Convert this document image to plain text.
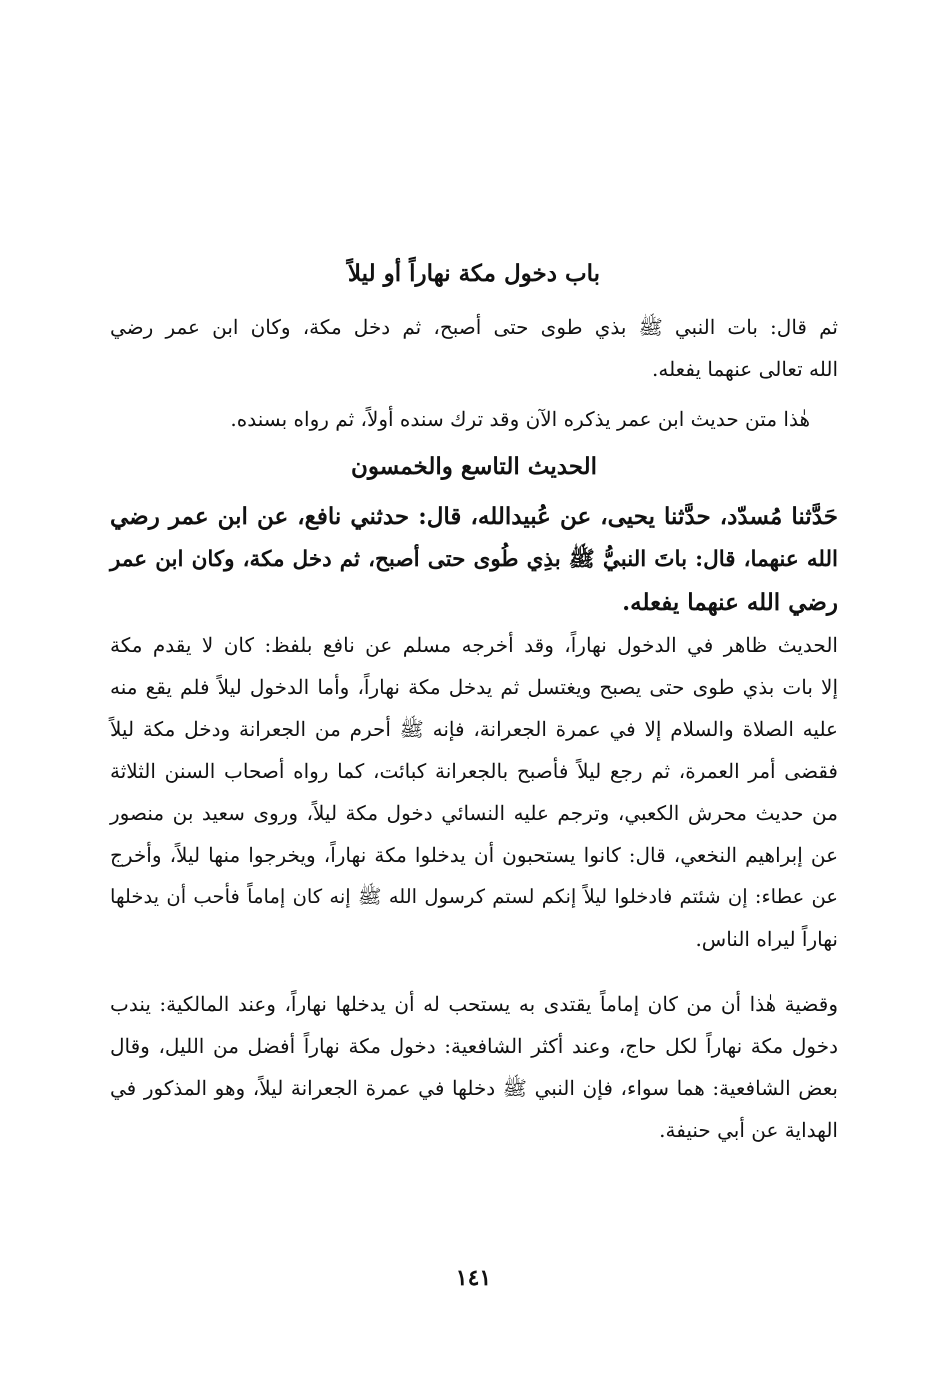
باب دخول مكة نهاراً أو ليلاً

ثم قال: بات النبي ﷺ بذي طوى حتى أصبح، ثم دخل مكة، وكان ابن عمر رضي
الله تعالى عنهما يفعله.

هٰذا متن حديث ابن عمر يذكره الآن وقد ترك سنده أولاً، ثم رواه بسنده.

الحديث التاسع والخمسون

حَدَّثنا مُسدّد، حدَّثنا يحيى، عن عُبيدالله، قال: حدثني نافع، عن ابن عمر رضي
الله عنهما، قال: باتَ النبيُّ ﷺ بذِي طُوى حتى أصبح، ثم دخل مكة، وكان ابن عمر
رضي الله عنهما يفعله.

الحديث ظاهر في الدخول نهاراً، وقد أخرجه مسلم عن نافع بلفظ: كان لا يقدم مكة
إلا بات بذي طوى حتى يصبح ويغتسل ثم يدخل مكة نهاراً، وأما الدخول ليلاً فلم يقع منه
عليه الصلاة والسلام إلا في عمرة الجعرانة، فإنه ﷺ أحرم من الجعرانة ودخل مكة ليلاً
فقضى أمر العمرة، ثم رجع ليلاً فأصبح بالجعرانة كبائت، كما رواه أصحاب السنن الثلاثة
من حديث محرش الكعبي، وترجم عليه النسائي دخول مكة ليلاً، وروى سعيد بن منصور
عن إبراهيم النخعي، قال: كانوا يستحبون أن يدخلوا مكة نهاراً، ويخرجوا منها ليلاً، وأخرج
عن عطاء: إن شئتم فادخلوا ليلاً إنكم لستم كرسول الله ﷺ إنه كان إماماً فأحب أن يدخلها
نهاراً ليراه الناس.

وقضية هٰذا أن من كان إماماً يقتدى به يستحب له أن يدخلها نهاراً، وعند المالكية: يندب
دخول مكة نهاراً لكل حاج، وعند أكثر الشافعية: دخول مكة نهاراً أفضل من الليل، وقال
بعض الشافعية: هما سواء، فإن النبي ﷺ دخلها في عمرة الجعرانة ليلاً، وهو المذكور في
الهداية عن أبي حنيفة.

١٤١
